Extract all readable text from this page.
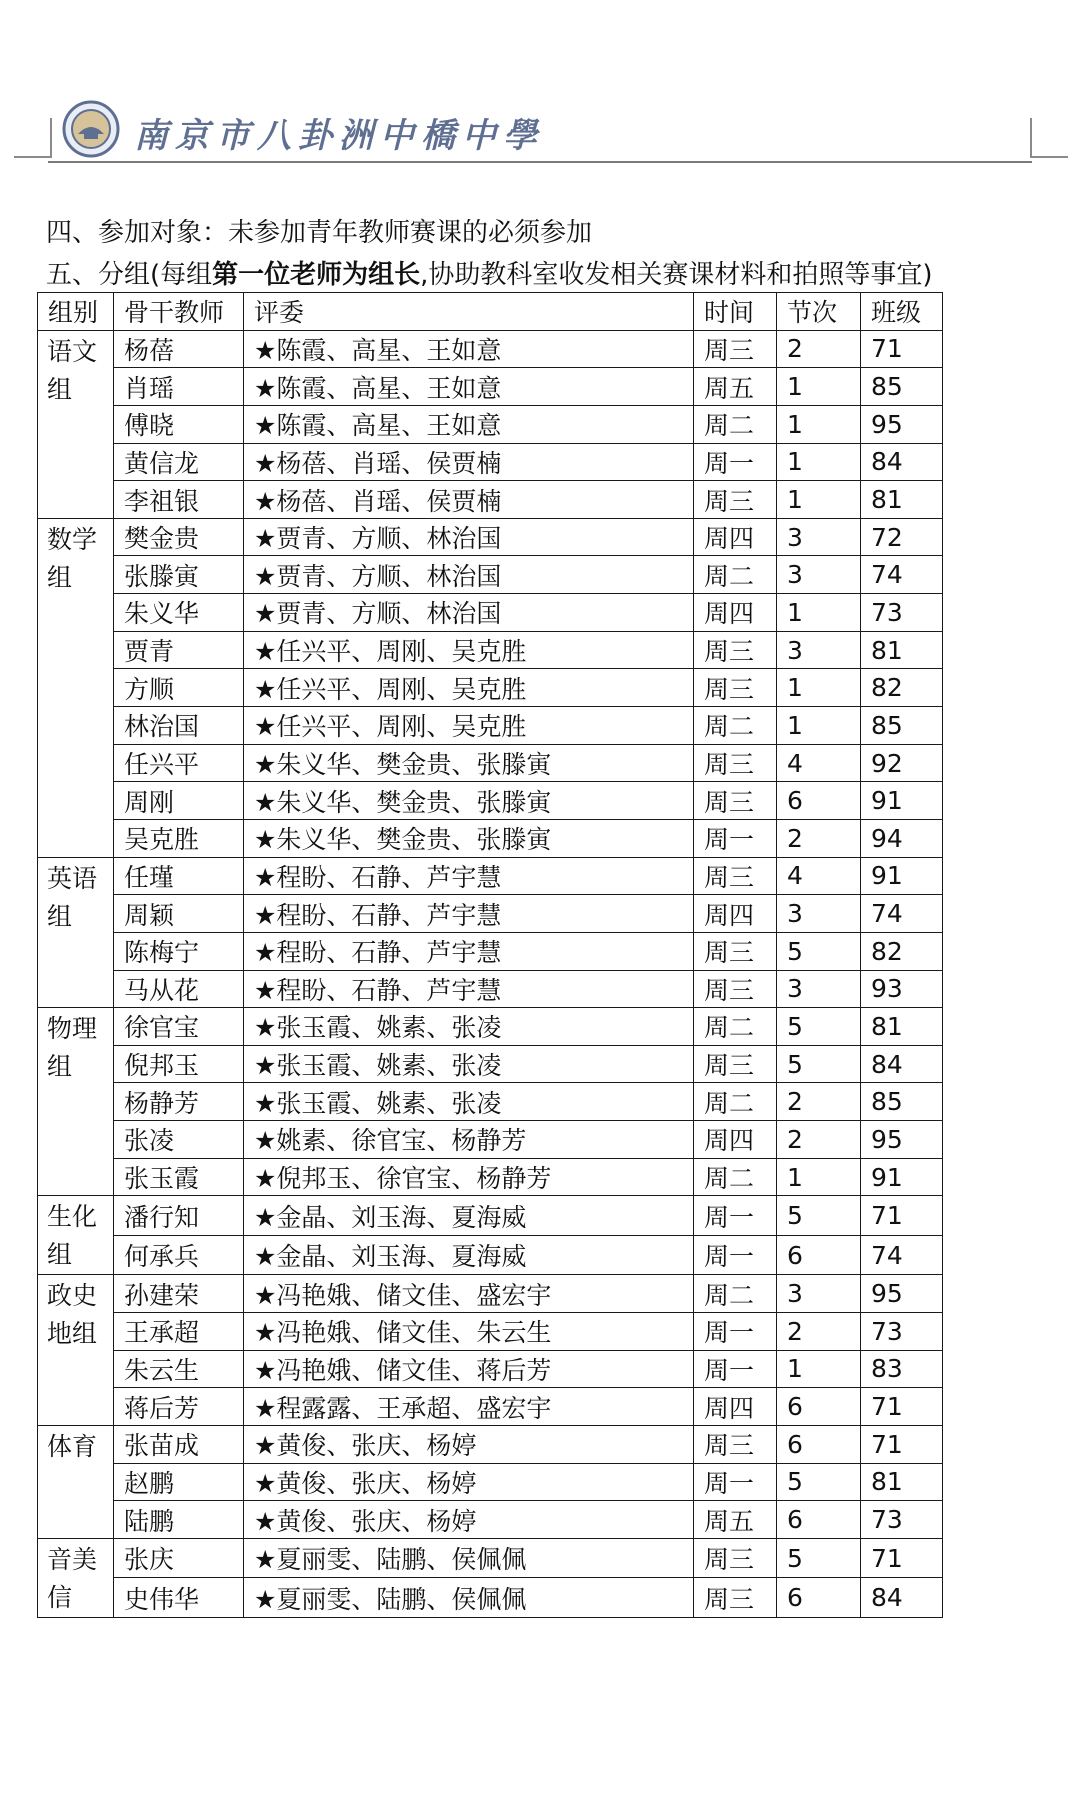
南京市八卦洲中橋中學
四、参加对象：未参加青年教师赛课的必须参加
五、分组(每组第一位老师为组长,协助教科室收发相关赛课材料和拍照等事宜)
组别	骨干教师	评委	时间	节次	班级
语文组	杨蓓	★陈霞、高星、王如意	周三	2	71
	肖瑶	★陈霞、高星、王如意	周五	1	85
	傅晓	★陈霞、高星、王如意	周二	1	95
	黄信龙	★杨蓓、肖瑶、侯贾楠	周一	1	84
	李祖银	★杨蓓、肖瑶、侯贾楠	周三	1	81
数学组	樊金贵	★贾青、方顺、林治国	周四	3	72
	张滕寅	★贾青、方顺、林治国	周二	3	74
	朱义华	★贾青、方顺、林治国	周四	1	73
	贾青	★任兴平、周刚、吴克胜	周三	3	81
	方顺	★任兴平、周刚、吴克胜	周三	1	82
	林治国	★任兴平、周刚、吴克胜	周二	1	85
	任兴平	★朱义华、樊金贵、张滕寅	周三	4	92
	周刚	★朱义华、樊金贵、张滕寅	周三	6	91
	吴克胜	★朱义华、樊金贵、张滕寅	周一	2	94
英语组	任瑾	★程盼、石静、芦宇慧	周三	4	91
	周颖	★程盼、石静、芦宇慧	周四	3	74
	陈梅宁	★程盼、石静、芦宇慧	周三	5	82
	马从花	★程盼、石静、芦宇慧	周三	3	93
物理组	徐官宝	★张玉霞、姚素、张凌	周二	5	81
	倪邦玉	★张玉霞、姚素、张凌	周三	5	84
	杨静芳	★张玉霞、姚素、张凌	周二	2	85
	张凌	★姚素、徐官宝、杨静芳	周四	2	95
	张玉霞	★倪邦玉、徐官宝、杨静芳	周二	1	91
生化组	潘行知	★金晶、刘玉海、夏海威	周一	5	71
	何承兵	★金晶、刘玉海、夏海威	周一	6	74
政史地组	孙建荣	★冯艳娥、储文佳、盛宏宇	周二	3	95
	王承超	★冯艳娥、储文佳、朱云生	周一	2	73
	朱云生	★冯艳娥、储文佳、蒋后芳	周一	1	83
	蒋后芳	★程露露、王承超、盛宏宇	周四	6	71
体育	张苗成	★黄俊、张庆、杨婷	周三	6	71
	赵鹏	★黄俊、张庆、杨婷	周一	5	81
	陆鹏	★黄俊、张庆、杨婷	周五	6	73
音美信	张庆	★夏丽雯、陆鹏、侯佩佩	周三	5	71
	史伟华	★夏丽雯、陆鹏、侯佩佩	周三	6	84
